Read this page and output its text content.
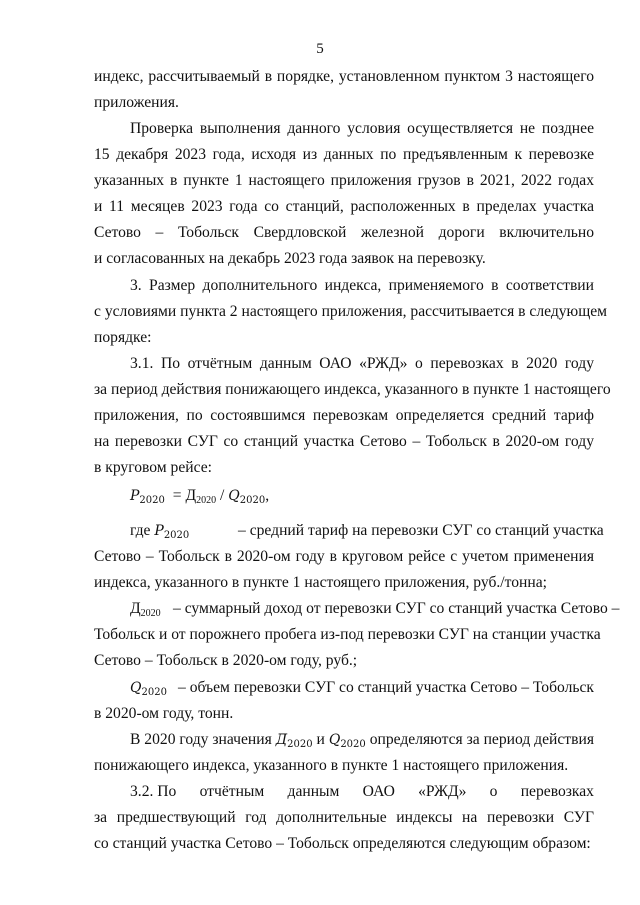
5
индекс, рассчитываемый в порядке, установленном пунктом 3 настоящего
приложения.
Проверка выполнения данного условия осуществляется не позднее
15 декабря 2023 года, исходя из данных по предъявленным к перевозке
указанных в пункте 1 настоящего приложения грузов в 2021, 2022 годах
и 11 месяцев 2023 года со станций, расположенных в пределах участка
Сетово – Тобольск Свердловской железной дороги включительно
и согласованных на декабрь 2023 года заявок на перевозку.
3. Размер дополнительного индекса, применяемого в соответствии
с условиями пункта 2 настоящего приложения, рассчитывается в следующем
порядке:
3.1. По отчётным данным ОАО «РЖД» о перевозках в 2020 году
за период действия понижающего индекса, указанного в пункте 1 настоящего
приложения, по состоявшимся перевозкам определяется средний тариф
на перевозки СУГ со станций участка Сетово – Тобольск в 2020-ом году
в круговом рейсе:
P2020 = Д2020 / Q2020,
где P2020	– средний тариф на перевозки СУГ со станций участка
Сетово – Тобольск в 2020-ом году в круговом рейсе с учетом применения
индекса, указанного в пункте 1 настоящего приложения, руб./тонна;
Д2020 – суммарный доход от перевозки СУГ со станций участка Сетово –
Тобольск и от порожнего пробега из-под перевозки СУГ на станции участка
Сетово – Тобольск в 2020-ом году, руб.;
Q2020 – объем перевозки СУГ со станций участка Сетово – Тобольск
в 2020-ом году, тонн.
В 2020 году значения Д2020 и Q2020 определяются за период действия
понижающего индекса, указанного в пункте 1 настоящего приложения.
3.2. По отчётным данным ОАО «РЖД» о перевозках
за предшествующий год дополнительные индексы на перевозки СУГ
со станций участка Сетово – Тобольск определяются следующим образом:
